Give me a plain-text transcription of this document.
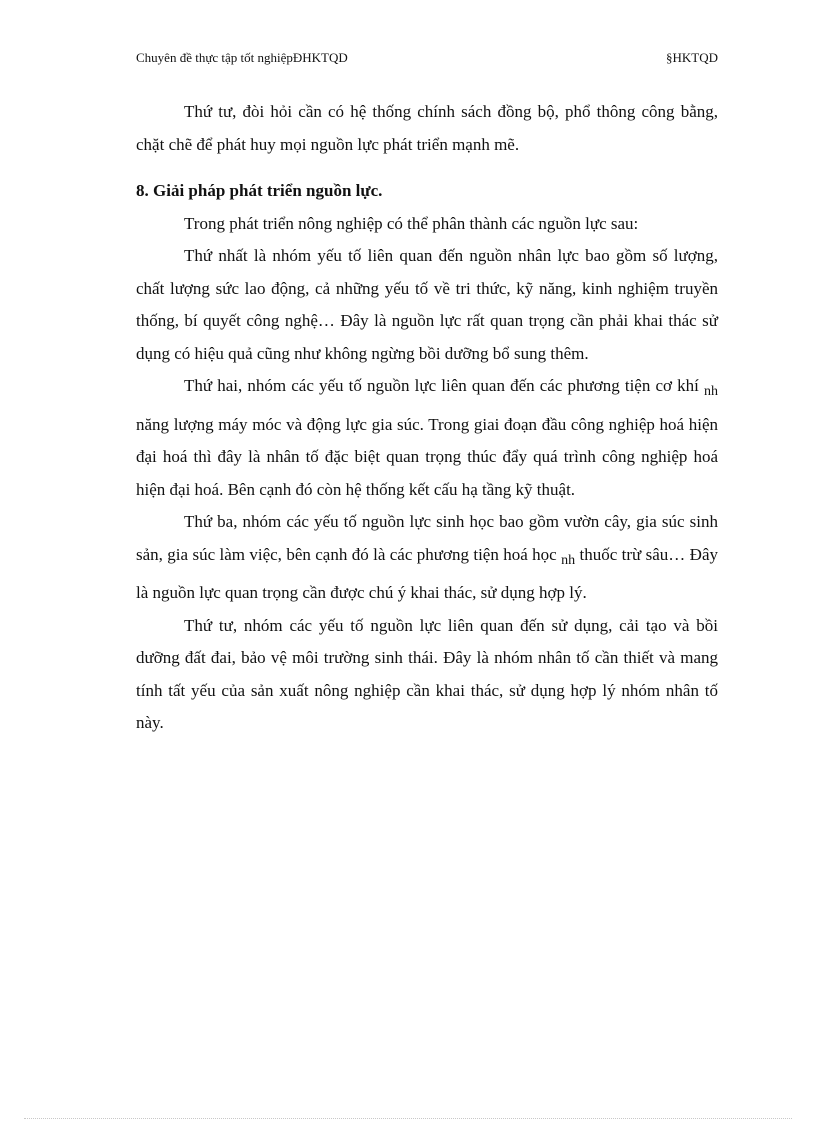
Chuyên đề thực tập tốt nghiệpĐHKTQD	§HKTQD

Thứ tư, đòi hỏi cần có hệ thống chính sách đồng bộ, phổ thông công bằng, chặt chẽ để phát huy mọi nguồn lực phát triển mạnh mẽ.

8. Giải pháp phát triển nguồn lực.

Trong phát triển nông nghiệp có thể phân thành các nguồn lực sau:

Thứ nhất là nhóm yếu tố liên quan đến nguồn nhân lực bao gồm số lượng, chất lượng sức lao động, cả những yếu tố về tri thức, kỹ năng, kinh nghiệm truyền thống, bí quyết công nghệ… Đây là nguồn lực rất quan trọng cần phải khai thác sử dụng có hiệu quả cũng như không ngừng bồi dưỡng bổ sung thêm.

Thứ hai, nhóm các yếu tố nguồn lực liên quan đến các phương tiện cơ khí $_{nh}$ năng lượng máy móc và động lực gia súc. Trong giai đoạn đầu công nghiệp hoá hiện đại hoá thì đây là nhân tố đặc biệt quan trọng thúc đẩy quá trình công nghiệp hoá hiện đại hoá. Bên cạnh đó còn hệ thống kết cấu hạ tầng kỹ thuật.

Thứ ba, nhóm các yếu tố nguồn lực sinh học bao gồm vườn cây, gia súc sinh sản, gia súc làm việc, bên cạnh đó là các phương tiện hoá học $_{nh}$ thuốc trừ sâu… Đây là nguồn lực quan trọng cần được chú ý khai thác, sử dụng hợp lý.

Thứ tư, nhóm các yếu tố nguồn lực liên quan đến sử dụng, cải tạo và bồi dưỡng đất đai, bảo vệ môi trường sinh thái. Đây là nhóm nhân tố cần thiết và mang tính tất yếu của sản xuất nông nghiệp cần khai thác, sử dụng hợp lý nhóm nhân tố này.
